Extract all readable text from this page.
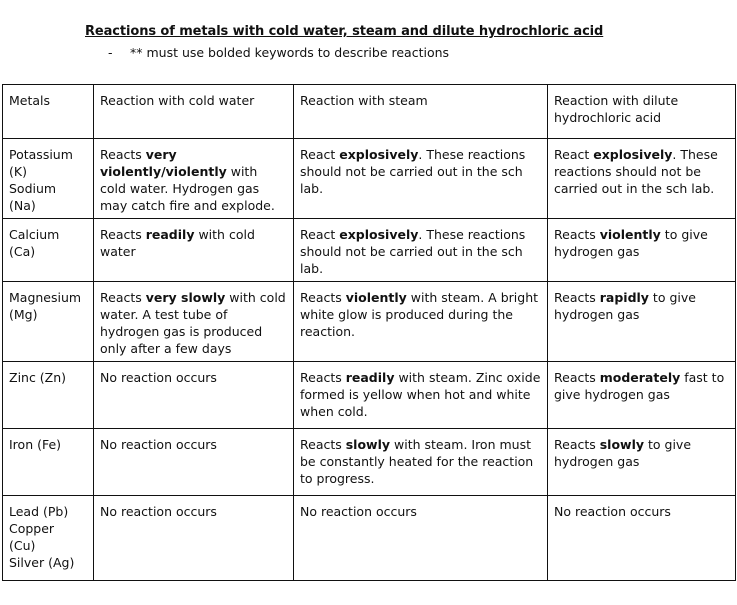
Reactions of metals with cold water, steam and dilute hydrochloric acid
- ** must use bolded keywords to describe reactions
Metals	Reaction with cold water	Reaction with steam	Reaction with dilute hydrochloric acid

Potassium
(K)
Sodium
(Na)	Reacts very violently/violently with cold water. Hydrogen gas may catch fire and explode.	React explosively. These reactions should not be carried out in the sch lab.	React explosively. These reactions should not be carried out in the sch lab.

Calcium
(Ca)	Reacts readily with cold water	React explosively. These reactions should not be carried out in the sch lab.	Reacts violently to give hydrogen gas

Magnesium
(Mg)	Reacts very slowly with cold water. A test tube of hydrogen gas is produced only after a few days	Reacts violently with steam. A bright white glow is produced during the reaction.	Reacts rapidly to give hydrogen gas

Zinc (Zn)	No reaction occurs	Reacts readily with steam. Zinc oxide formed is yellow when hot and white when cold.	Reacts moderately fast to give hydrogen gas

Iron (Fe)	No reaction occurs	Reacts slowly with steam. Iron must be constantly heated for the reaction to progress.	Reacts slowly to give hydrogen gas

Lead (Pb)
Copper
(Cu)
Silver (Ag)	No reaction occurs	No reaction occurs	No reaction occurs
